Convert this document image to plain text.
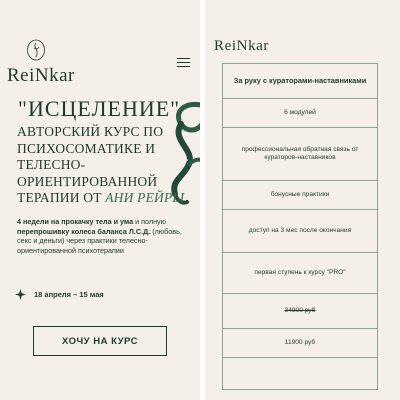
ReiNkar
"ИСЦЕЛЕНИЕ"
АВТОРСКИЙ КУРС ПО ПСИХОСОМАТИКЕ И ТЕЛЕСНО-ОРИЕНТИРОВАННОЙ ТЕРАПИИ ОТ АНИ РЕЙРЫ
4 недели на прокачку тела и ума и полную перепрошивку колеса баланса Л.С.Д. (любовь, секс и деньги) через практики телесно-ориентированной психотерапии
18 апреля – 15 мая
ХОЧУ НА КУРС
ReiNkar
За руку с кураторами-наставниками
6 модулей
профессиональная обратная связь от кураторов-наставников
бонусные практики
доступ на 3 мес после окончания
первая ступень к курсу "PRO"
34900 руб
11900 руб
